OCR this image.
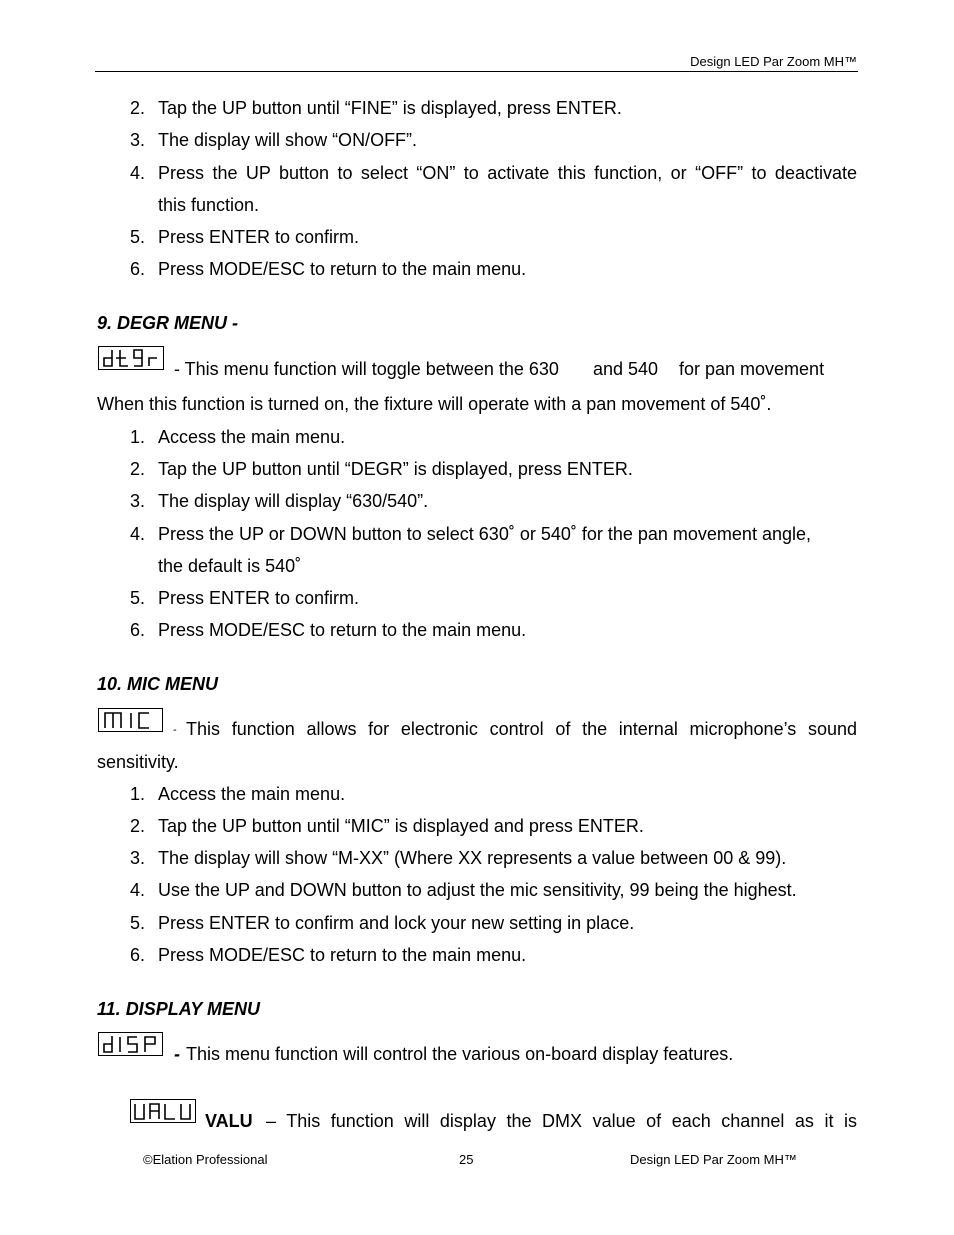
Design LED Par Zoom MH™
2. Tap the UP button until “FINE” is displayed, press ENTER.
3. The display will show “ON/OFF”.
4. Press the UP button to select “ON” to activate this function, or “OFF” to deactivate
this function.
5. Press ENTER to confirm.
6. Press MODE/ESC to return to the main menu.
9. DEGR MENU -
- This menu function will toggle between the 630 and 540 for pan movement
When this function is turned on, the fixture will operate with a pan movement of 540˚.
1. Access the main menu.
2. Tap the UP button until “DEGR” is displayed, press ENTER.
3. The display will display “630/540”.
4. Press the UP or DOWN button to select 630˚ or 540˚ for the pan movement angle,
the default is 540˚
5. Press ENTER to confirm.
6. Press MODE/ESC to return to the main menu.
10. MIC MENU
- This function allows for electronic control of the internal microphone’s sound
sensitivity.
1. Access the main menu.
2. Tap the UP button until “MIC” is displayed and press ENTER.
3. The display will show “M-XX” (Where XX represents a value between 00 & 99).
4. Use the UP and DOWN button to adjust the mic sensitivity, 99 being the highest.
5. Press ENTER to confirm and lock your new setting in place.
6. Press MODE/ESC to return to the main menu.
11. DISPLAY MENU
- This menu function will control the various on-board display features.
VALU – This function will display the DMX value of each channel as it is
©Elation Professional	25	Design LED Par Zoom MH™
